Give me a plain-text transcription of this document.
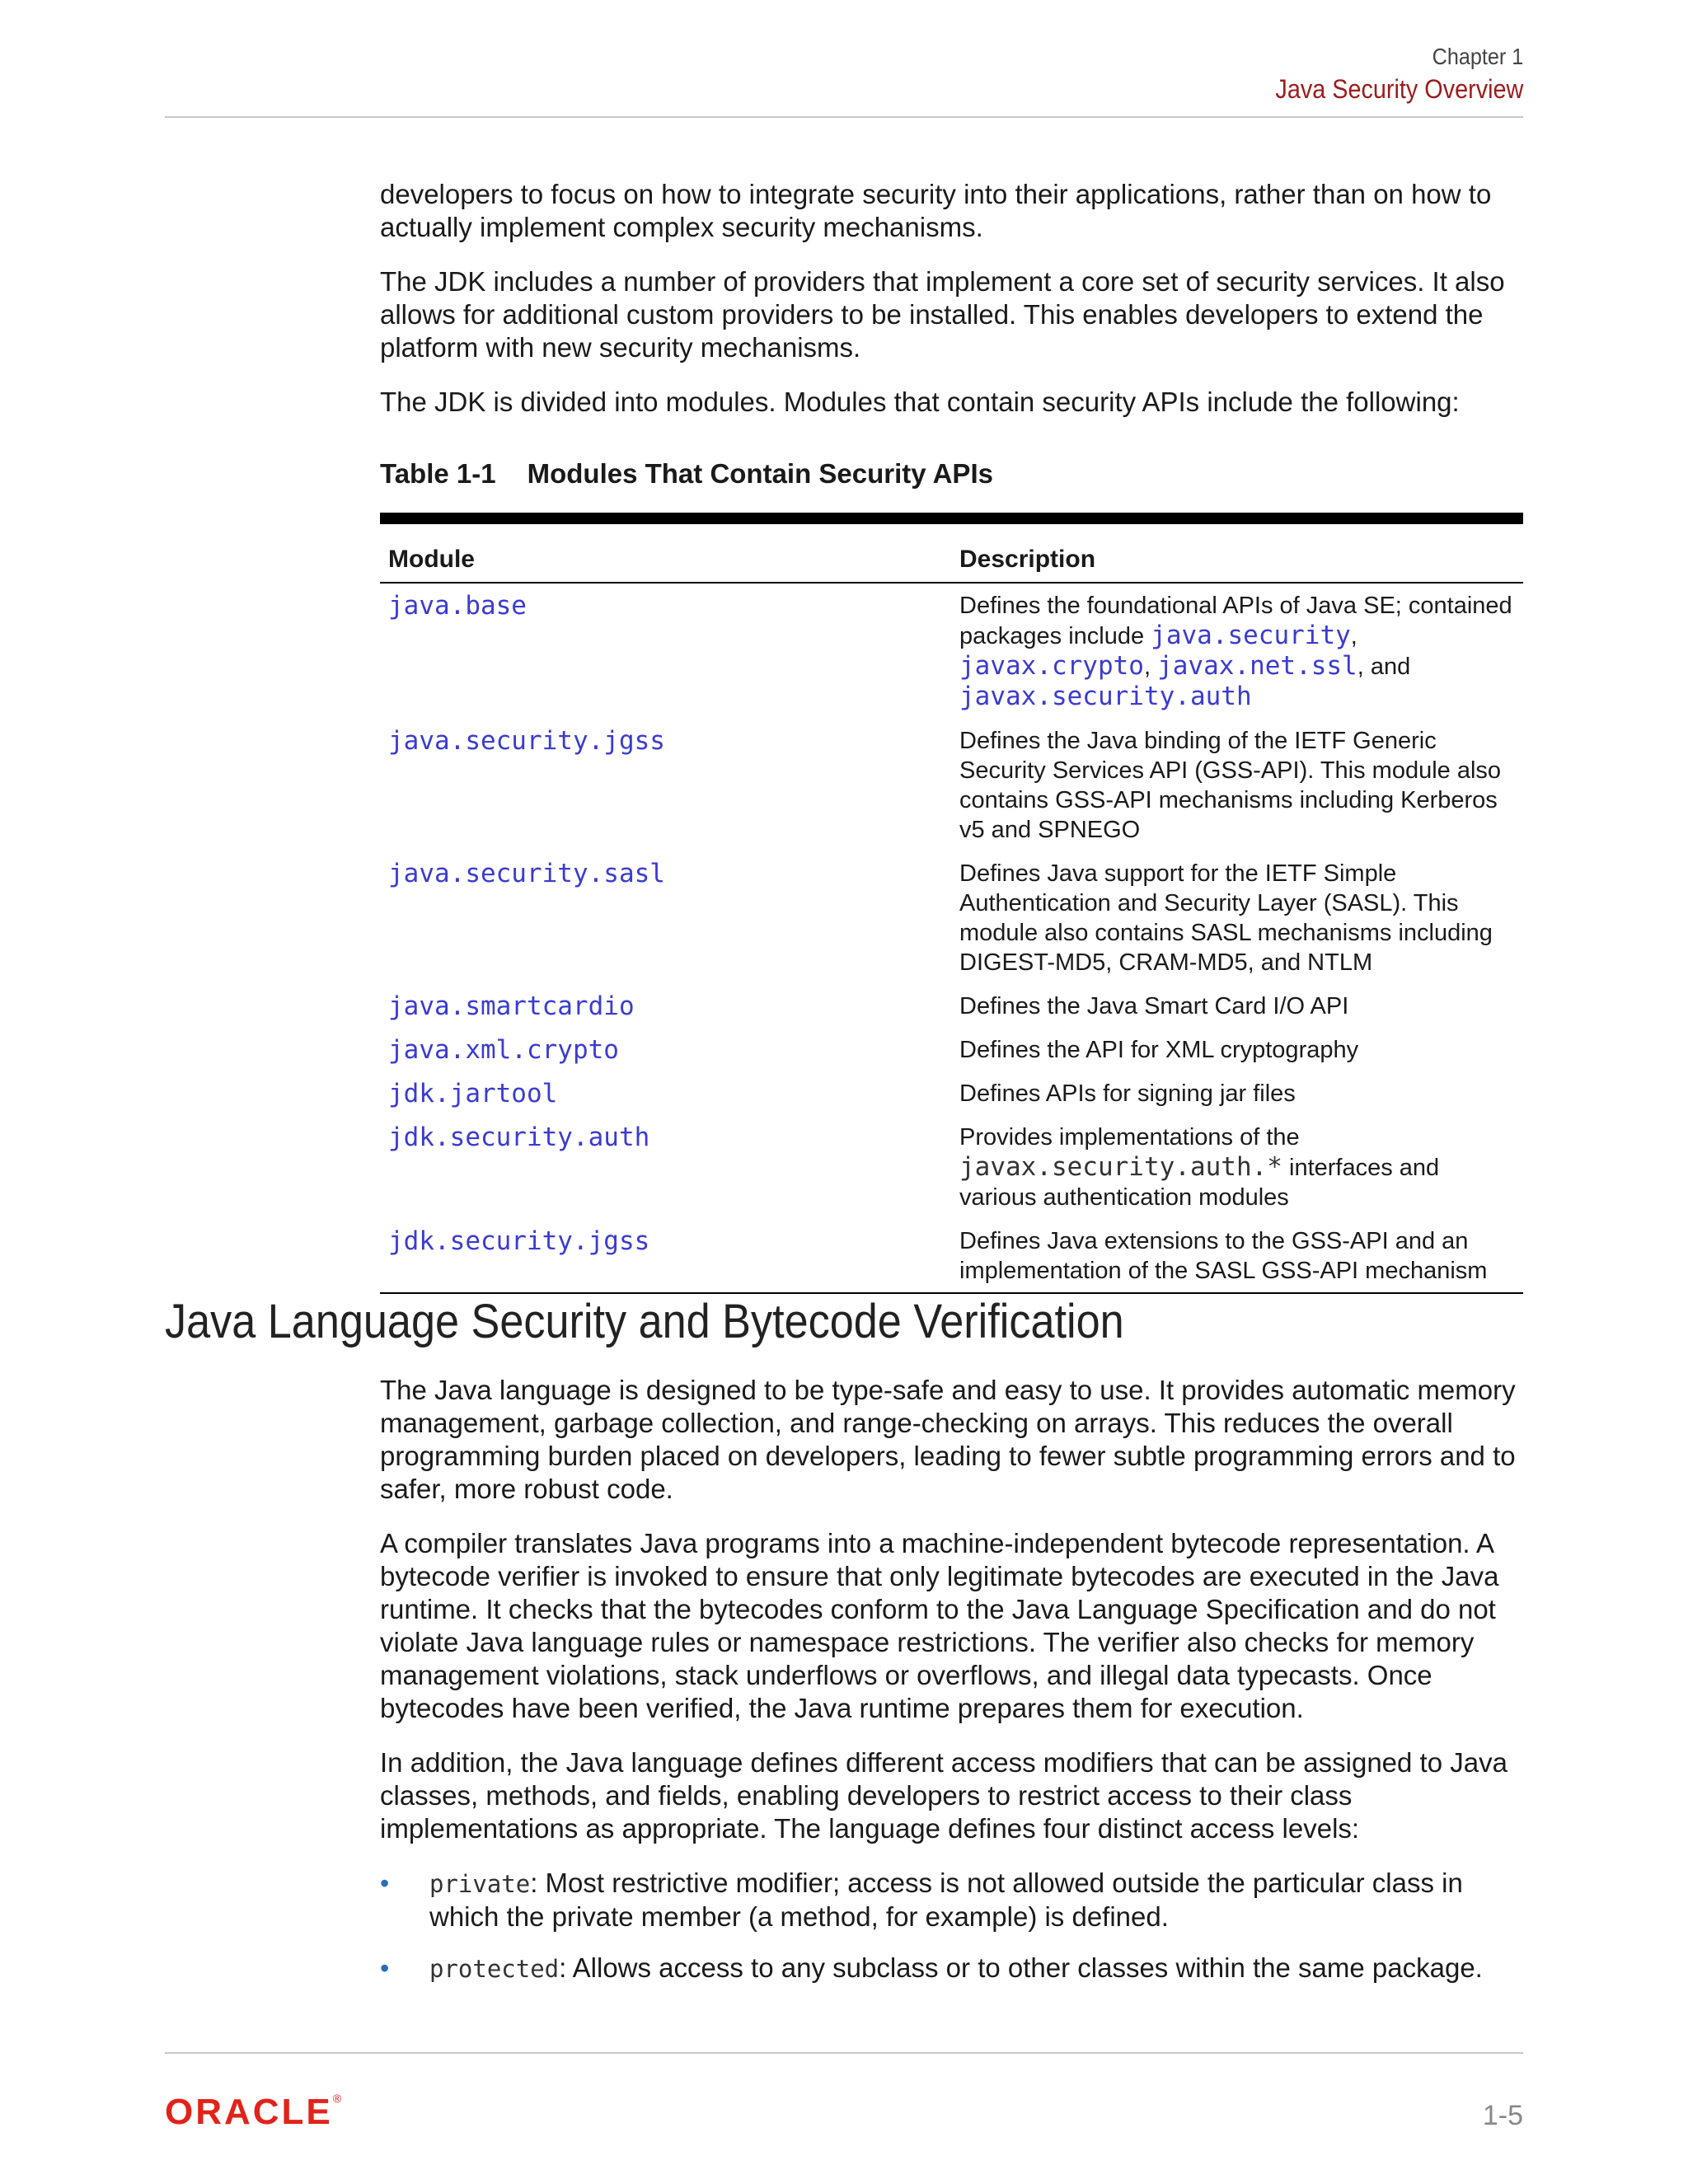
Chapter 1
Java Security Overview

developers to focus on how to integrate security into their applications, rather than on how to actually implement complex security mechanisms.

The JDK includes a number of providers that implement a core set of security services. It also allows for additional custom providers to be installed. This enables developers to extend the platform with new security mechanisms.

The JDK is divided into modules. Modules that contain security APIs include the following:

Table 1-1 Modules That Contain Security APIs
Module	Description
java.base	Defines the foundational APIs of Java SE; contained packages include java.security, javax.crypto, javax.net.ssl, and javax.security.auth
java.security.jgss	Defines the Java binding of the IETF Generic Security Services API (GSS-API). This module also contains GSS-API mechanisms including Kerberos v5 and SPNEGO
java.security.sasl	Defines Java support for the IETF Simple Authentication and Security Layer (SASL). This module also contains SASL mechanisms including DIGEST-MD5, CRAM-MD5, and NTLM
java.smartcardio	Defines the Java Smart Card I/O API
java.xml.crypto	Defines the API for XML cryptography
jdk.jartool	Defines APIs for signing jar files
jdk.security.auth	Provides implementations of the javax.security.auth.* interfaces and various authentication modules
jdk.security.jgss	Defines Java extensions to the GSS-API and an implementation of the SASL GSS-API mechanism
Java Language Security and Bytecode Verification

The Java language is designed to be type-safe and easy to use. It provides automatic memory management, garbage collection, and range-checking on arrays. This reduces the overall programming burden placed on developers, leading to fewer subtle programming errors and to safer, more robust code.

A compiler translates Java programs into a machine-independent bytecode representation. A bytecode verifier is invoked to ensure that only legitimate bytecodes are executed in the Java runtime. It checks that the bytecodes conform to the Java Language Specification and do not violate Java language rules or namespace restrictions. The verifier also checks for memory management violations, stack underflows or overflows, and illegal data typecasts. Once bytecodes have been verified, the Java runtime prepares them for execution.

In addition, the Java language defines different access modifiers that can be assigned to Java classes, methods, and fields, enabling developers to restrict access to their class implementations as appropriate. The language defines four distinct access levels:

• private: Most restrictive modifier; access is not allowed outside the particular class in which the private member (a method, for example) is defined.
• protected: Allows access to any subclass or to other classes within the same package.
ORACLE®
1-5
